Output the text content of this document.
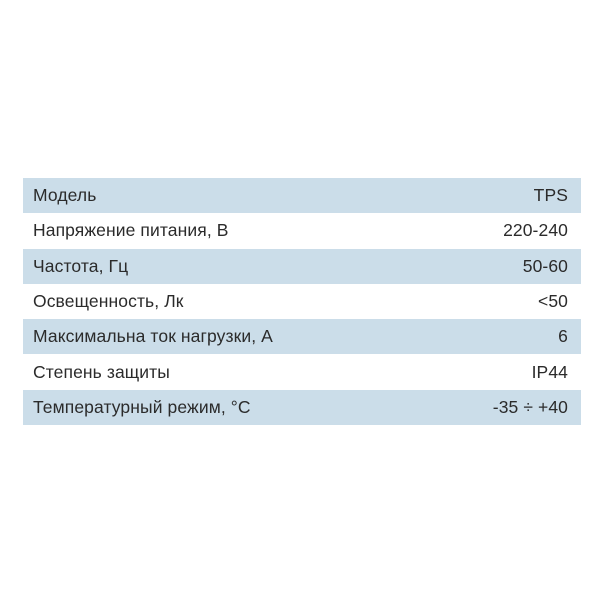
Модель	TPS
Напряжение питания, В	220-240
Частота, Гц	50-60
Освещенность, Лк	<50
Максимальна ток нагрузки, А	6
Степень защиты	IP44
Температурный режим, °С	-35 ÷ +40
